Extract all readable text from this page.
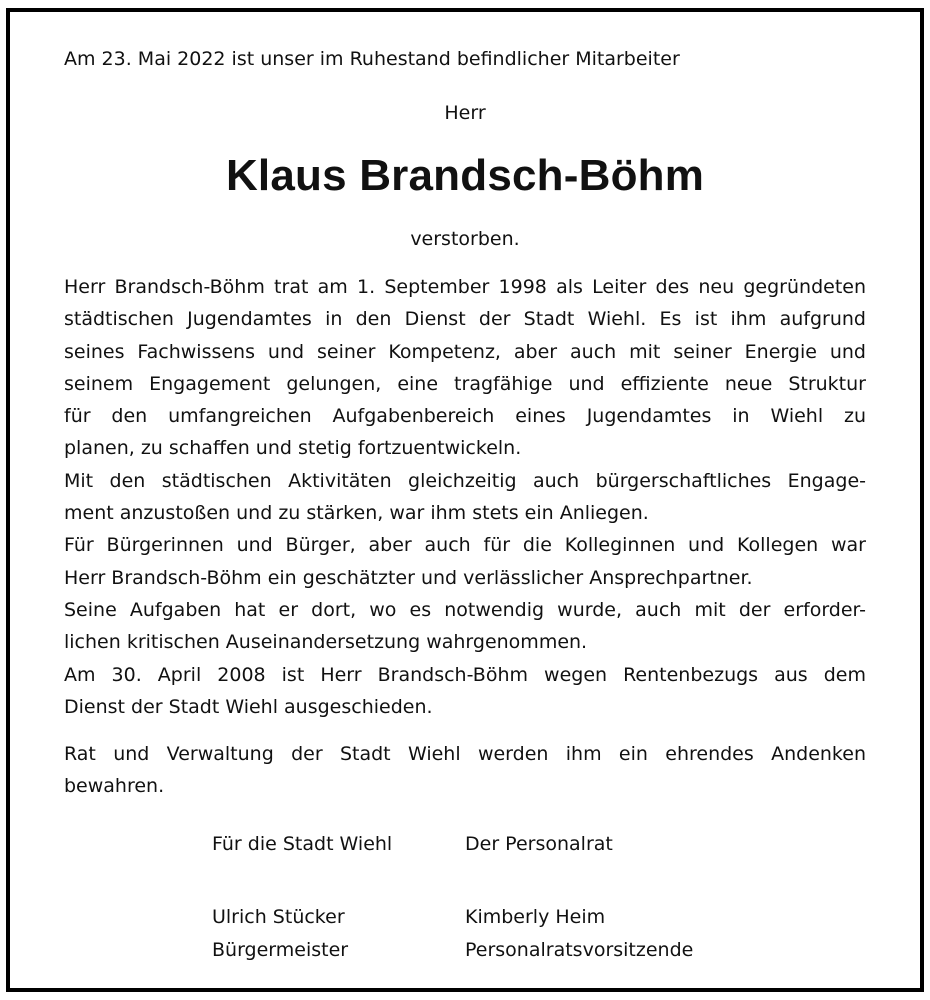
Am 23. Mai 2022 ist unser im Ruhestand befindlicher Mitarbeiter
Herr
Klaus Brandsch-Böhm
verstorben.
Herr Brandsch-Böhm trat am 1. September 1998 als Leiter des neu gegründeten
städtischen Jugendamtes in den Dienst der Stadt Wiehl. Es ist ihm aufgrund
seines Fachwissens und seiner Kompetenz, aber auch mit seiner Energie und
seinem Engagement gelungen, eine tragfähige und effiziente neue Struktur
für den umfangreichen Aufgabenbereich eines Jugendamtes in Wiehl zu
planen, zu schaffen und stetig fortzuentwickeln.
Mit den städtischen Aktivitäten gleichzeitig auch bürgerschaftliches Engage-
ment anzustoßen und zu stärken, war ihm stets ein Anliegen.
Für Bürgerinnen und Bürger, aber auch für die Kolleginnen und Kollegen war
Herr Brandsch-Böhm ein geschätzter und verlässlicher Ansprechpartner.
Seine Aufgaben hat er dort, wo es notwendig wurde, auch mit der erforder-
lichen kritischen Auseinandersetzung wahrgenommen.
Am 30. April 2008 ist Herr Brandsch-Böhm wegen Rentenbezugs aus dem
Dienst der Stadt Wiehl ausgeschieden.
Rat und Verwaltung der Stadt Wiehl werden ihm ein ehrendes Andenken
bewahren.
Für die Stadt Wiehl	Der Personalrat
Ulrich Stücker
Bürgermeister
Kimberly Heim
Personalratsvorsitzende
